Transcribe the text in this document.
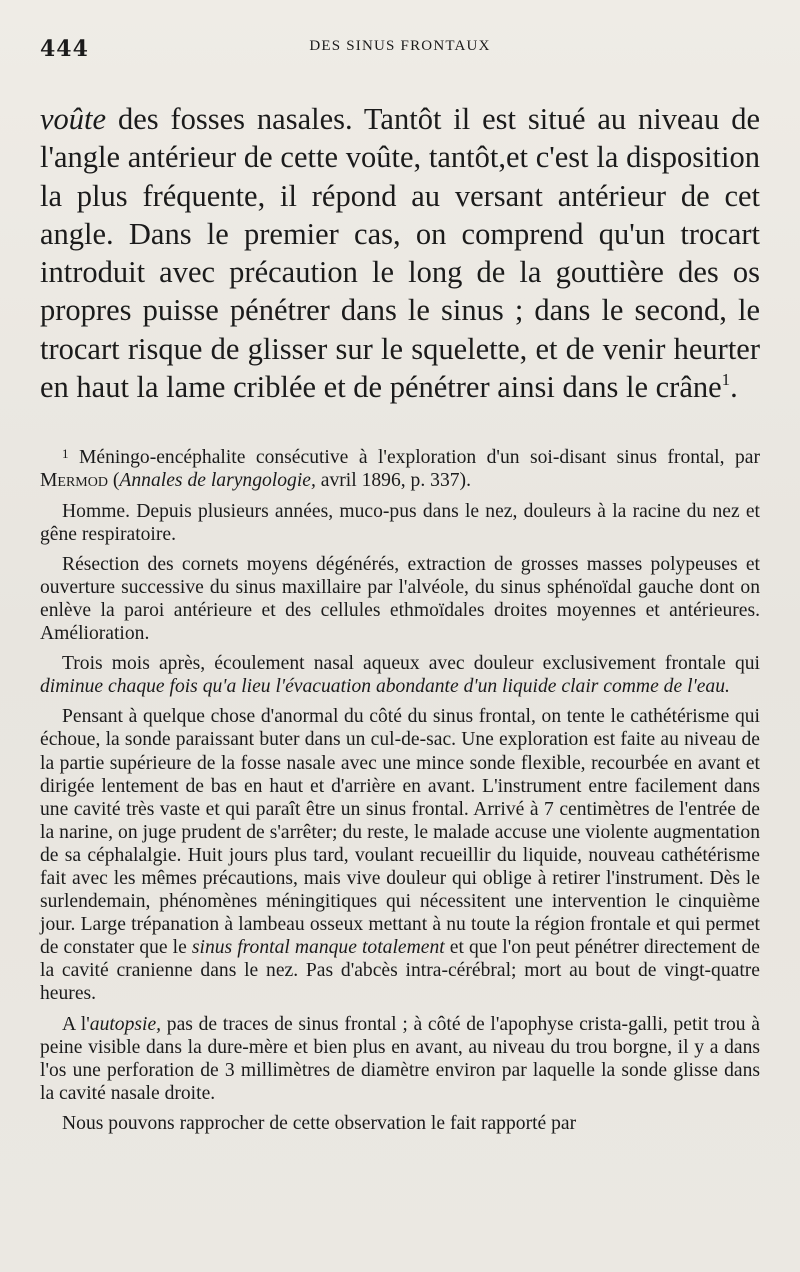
444	DES SINUS FRONTAUX

voûte des fosses nasales. Tantôt il est situé au niveau de l'angle antérieur de cette voûte, tantôt,et c'est la disposition la plus fréquente, il répond au versant antérieur de cet angle. Dans le premier cas, on comprend qu'un trocart introduit avec précaution le long de la gouttière des os propres puisse pénétrer dans le sinus ; dans le second, le trocart risque de glisser sur le squelette, et de venir heurter en haut la lame criblée et de pénétrer ainsi dans le crâne$^1$.

$^1$ Méningo-encéphalite consécutive à l'exploration d'un soi-disant sinus frontal, par Mermod (Annales de laryngologie, avril 1896, p. 337).

Homme. Depuis plusieurs années, muco-pus dans le nez, douleurs à la racine du nez et gêne respiratoire.

Résection des cornets moyens dégénérés, extraction de grosses masses polypeuses et ouverture successive du sinus maxillaire par l'alvéole, du sinus sphénoïdal gauche dont on enlève la paroi antérieure et des cellules ethmoïdales droites moyennes et antérieures. Amélioration.

Trois mois après, écoulement nasal aqueux avec douleur exclusivement frontale qui diminue chaque fois qu'a lieu l'évacuation abondante d'un liquide clair comme de l'eau.

Pensant à quelque chose d'anormal du côté du sinus frontal, on tente le cathétérisme qui échoue, la sonde paraissant buter dans un cul-de-sac. Une exploration est faite au niveau de la partie supérieure de la fosse nasale avec une mince sonde flexible, recourbée en avant et dirigée lentement de bas en haut et d'arrière en avant. L'instrument entre facilement dans une cavité très vaste et qui paraît être un sinus frontal. Arrivé à 7 centimètres de l'entrée de la narine, on juge prudent de s'arrêter; du reste, le malade accuse une violente augmentation de sa céphalalgie. Huit jours plus tard, voulant recueillir du liquide, nouveau cathétérisme fait avec les mêmes précautions, mais vive douleur qui oblige à retirer l'instrument. Dès le surlendemain, phénomènes méningitiques qui nécessitent une intervention le cinquième jour. Large trépanation à lambeau osseux mettant à nu toute la région frontale et qui permet de constater que le sinus frontal manque totalement et que l'on peut pénétrer directement de la cavité cranienne dans le nez. Pas d'abcès intra-cérébral; mort au bout de vingt-quatre heures.

A l'autopsie, pas de traces de sinus frontal ; à côté de l'apophyse crista-galli, petit trou à peine visible dans la dure-mère et bien plus en avant, au niveau du trou borgne, il y a dans l'os une perforation de 3 millimètres de diamètre environ par laquelle la sonde glisse dans la cavité nasale droite.

Nous pouvons rapprocher de cette observation le fait rapporté par
